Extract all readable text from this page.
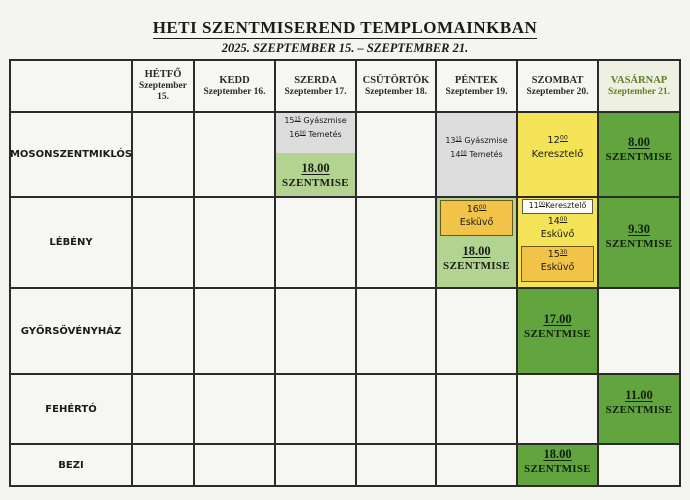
HETI SZENTMISEREND TEMPLOMAINKBAN
2025. SZEPTEMBER 15. – SZEPTEMBER 21.
HÉTFŐ
Szeptember
15.
KEDD
Szeptember 16.
SZERDA
Szeptember 17.
CSÜTÖRTÖK
Szeptember 18.
PÉNTEK
Szeptember 19.
SZOMBAT
Szeptember 20.
VASÁRNAP
Szeptember 21.
MOSONSZENTMIKLÓS
LÉBÉNY
GYŐRSÖVÉNYHÁZ
FEHÉRTÓ
BEZI
$15^{15}$ Gyászmise
$16^{00}$ Temetés
18.00
SZENTMISE
$13^{15}$ Gyászmise
$14^{00}$ Temetés
$12^{00}$
Keresztelő
8.00
SZENTMISE
$16^{00}$
Esküvő
18.00
SZENTMISE
$11^{00}Keresztelő$
$14^{00}$
Esküvő
$15^{30}$
Esküvő
9.30
SZENTMISE
17.00
SZENTMISE
11.00
SZENTMISE
18.00
SZENTMISE
